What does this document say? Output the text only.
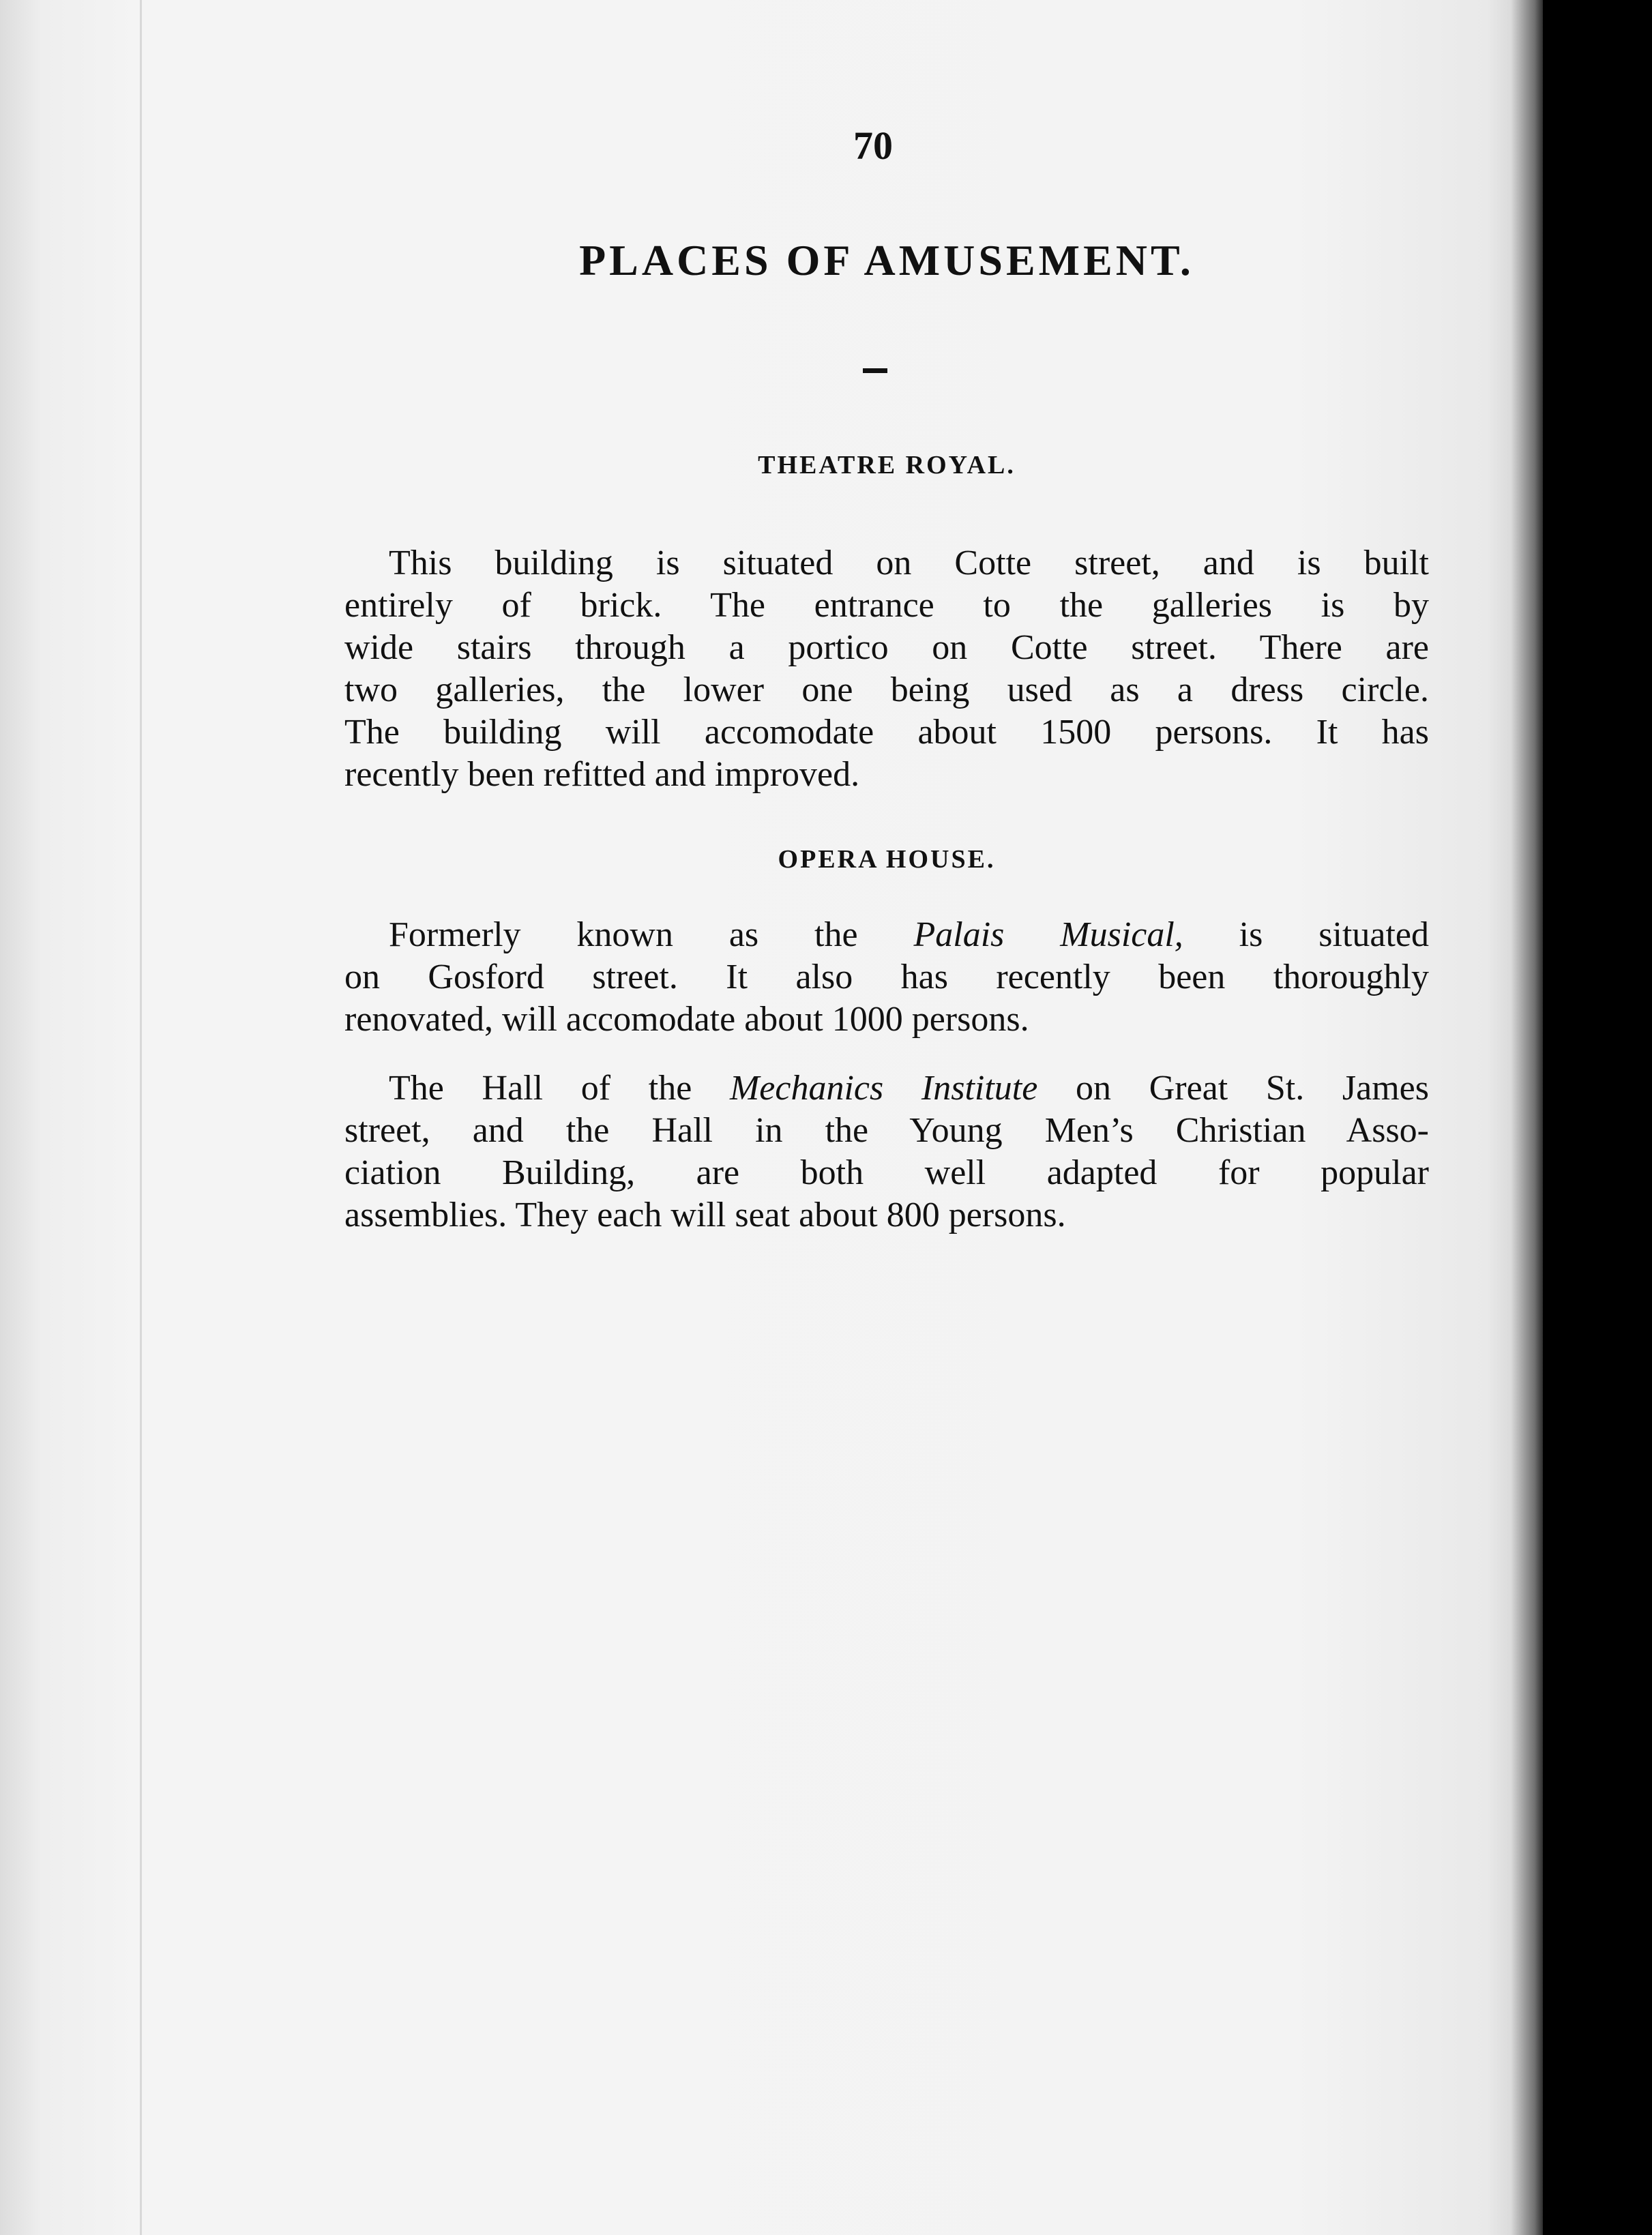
70
PLACES OF AMUSEMENT.
THEATRE ROYAL.
This building is situated on Cotte street, and is built
entirely of brick. The entrance to the galleries is by
wide stairs through a portico on Cotte street. There are
two galleries, the lower one being used as a dress circle.
The building will accomodate about 1500 persons. It has
recently been refitted and improved.
OPERA HOUSE.
Formerly known as the Palais Musical, is situated
on Gosford street. It also has recently been thoroughly
renovated, will accomodate about 1000 persons.
The Hall of the Mechanics Institute on Great St. James
street, and the Hall in the Young Men’s Christian Asso-
ciation Building, are both well adapted for popular
assemblies. They each will seat about 800 persons.
